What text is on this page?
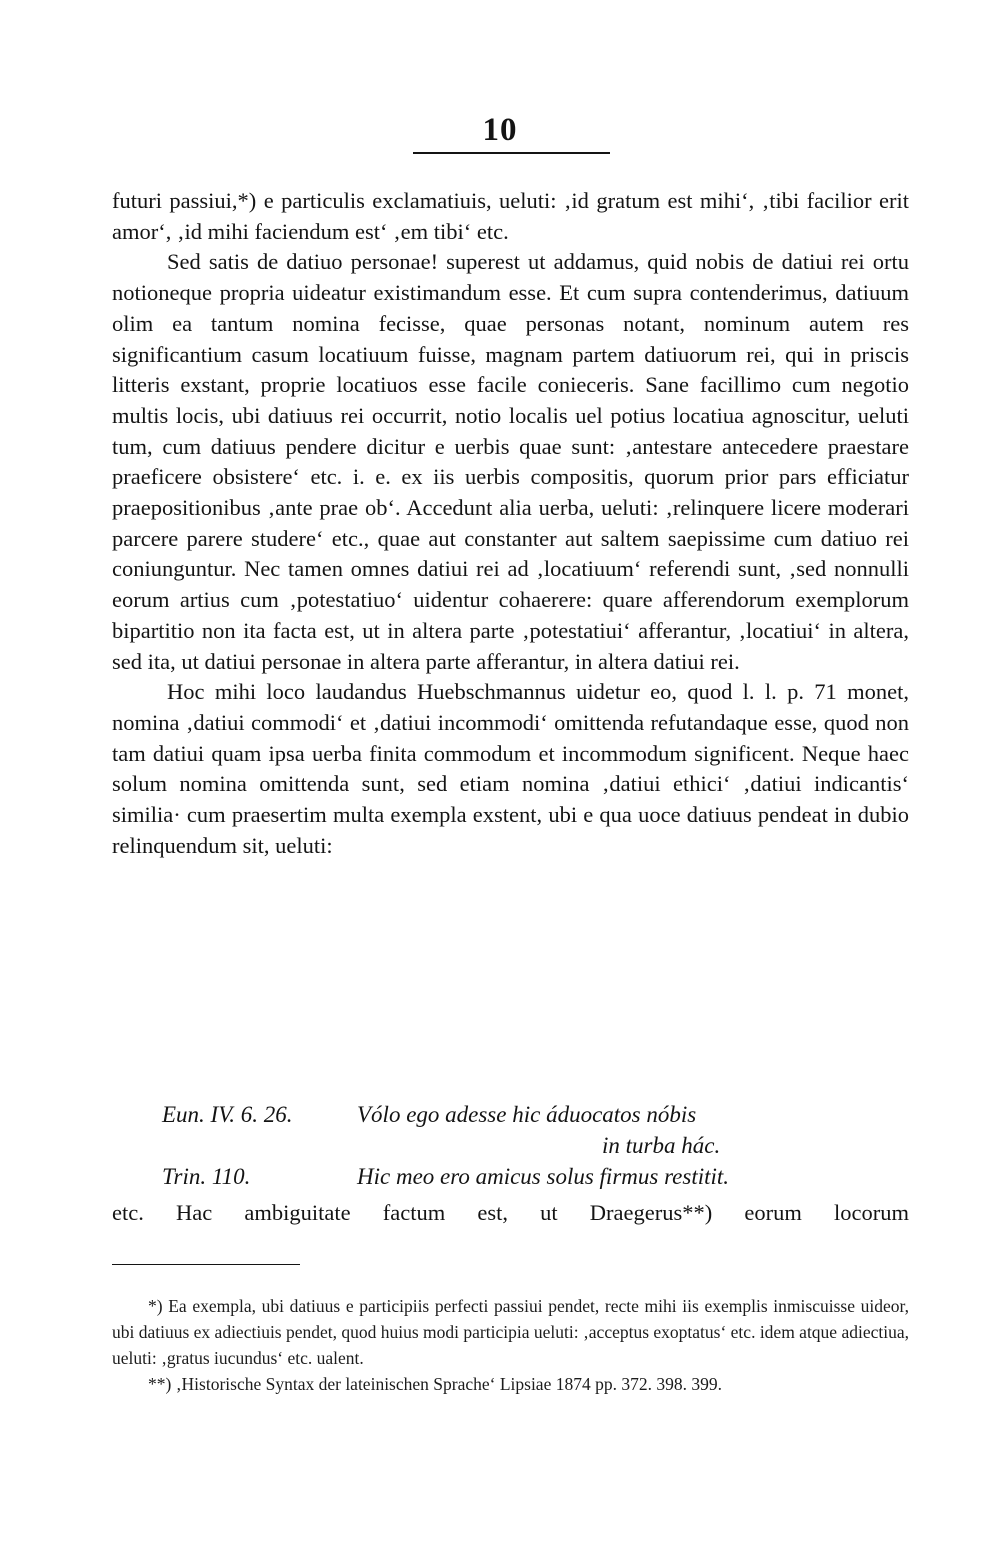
10

futuri passiui,*) e particulis exclamatiuis, ueluti: ‚id gratum est mihi‘, ‚tibi facilior erit amor‘, ‚id mihi faciendum est‘ ‚em tibi‘ etc.

Sed satis de datiuo personae! superest ut addamus, quid nobis de datiui rei ortu notioneque propria uideatur existimandum esse. Et cum supra contenderimus, datiuum olim ea tantum nomina fecisse, quae personas notant, nominum autem res significantium casum locatiuum fuisse, magnam partem datiuorum rei, qui in priscis litteris exstant, proprie locatiuos esse facile conieceris. Sane facillimo cum negotio multis locis, ubi datiuus rei occurrit, notio localis uel potius locatiua agnoscitur, ueluti tum, cum datiuus pendere dicitur e uerbis quae sunt: ‚antestare antecedere praestare praeficere obsistere‘ etc. i. e. ex iis uerbis compositis, quorum prior pars efficiatur praepositionibus ‚ante prae ob‘. Accedunt alia uerba, ueluti: ‚relinquere licere moderari parcere parere studere‘ etc., quae aut constanter aut saltem saepissime cum datiuo rei coniunguntur. Nec tamen omnes datiui rei ad ‚locatiuum‘ referendi sunt, ‚sed nonnulli eorum artius cum ‚potestatiuo‘ uidentur cohaerere: quare afferendorum exemplorum bipartitio non ita facta est, ut in altera parte ‚potestatiui‘ afferantur, ‚locatiui‘ in altera, sed ita, ut datiui personae in altera parte afferantur, in altera datiui rei.

Hoc mihi loco laudandus Huebschmannus uidetur eo, quod l. l. p. 71 monet, nomina ‚datiui commodi‘ et ‚datiui incommodi‘ omittenda refutandaque esse, quod non tam datiui quam ipsa uerba finita commodum et incommodum significent. Neque haec solum nomina omittenda sunt, sed etiam nomina ‚datiui ethici‘ ‚datiui indicantis‘ similia· cum praesertim multa exempla exstent, ubi e qua uoce datiuus pendeat in dubio relinquendum sit, ueluti:

Eun. IV. 6. 26.	Vólo ego adesse hic áduocatos nóbis
in turba hác.
Trin. 110.	Hic meo ero amicus solus firmus restitit.
etc. Hac ambiguitate factum est, ut Draegerus**) eorum locorum

*) Ea exempla, ubi datiuus e participiis perfecti passiui pendet, recte mihi iis exemplis inmiscuisse uideor, ubi datiuus ex adiectiuis pendet, quod huius modi participia ueluti: ‚acceptus exoptatus‘ etc. idem atque adiectiua, ueluti: ‚gratus iucundus‘ etc. ualent.

**) ‚Historische Syntax der lateinischen Sprache‘ Lipsiae 1874 pp. 372. 398. 399.
